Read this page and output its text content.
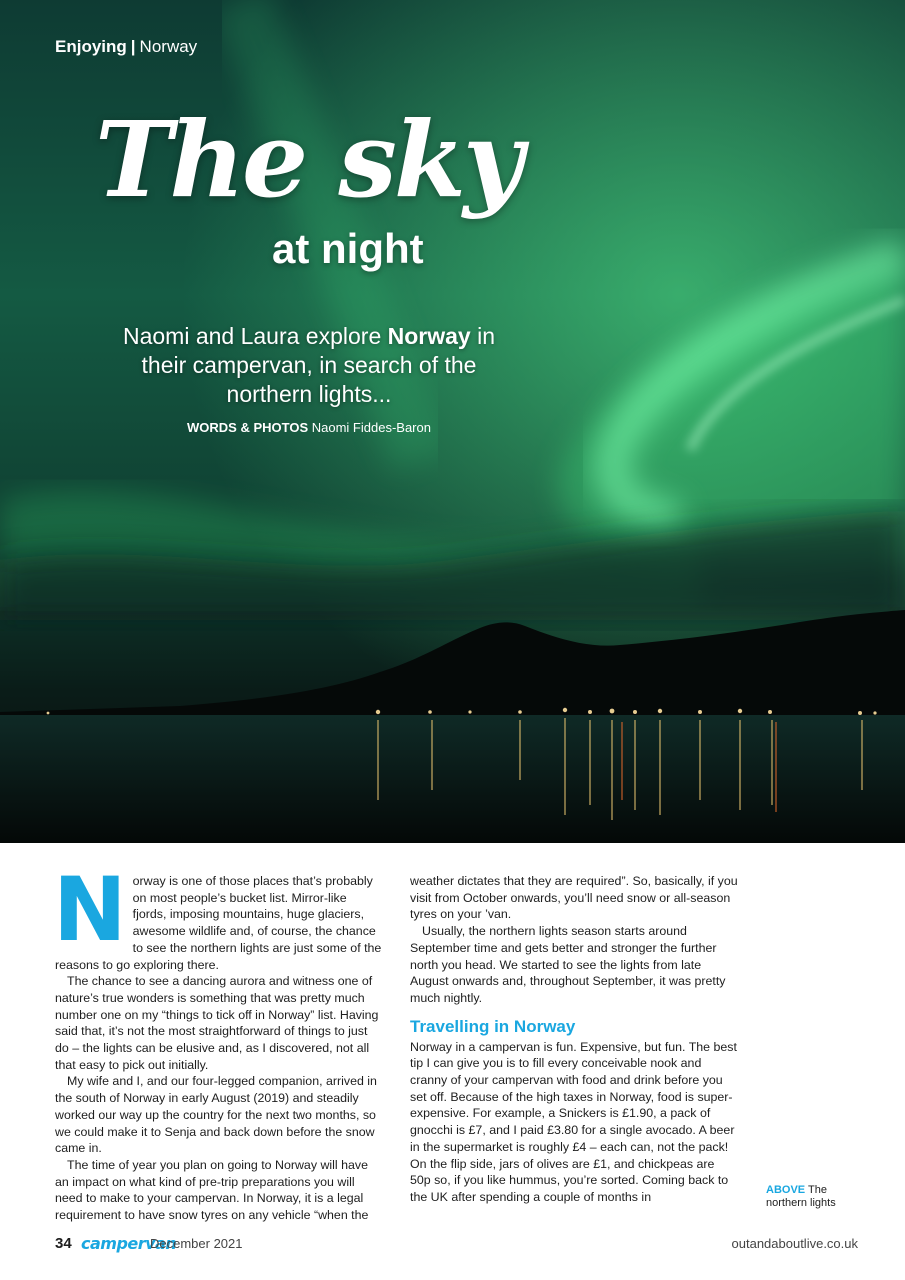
Enjoying | Norway
The sky
at night
Naomi and Laura explore Norway in their campervan, in search of the northern lights...
WORDS & PHOTOS Naomi Fiddes-Baron
N orway is one of those places that’s probably on most people’s bucket list. Mirror-like fjords, imposing mountains, huge glaciers, awesome wildlife and, of course, the chance to see the northern lights are just some of the reasons to go exploring there.

The chance to see a dancing aurora and witness one of nature’s true wonders is something that was pretty much number one on my “things to tick off in Norway” list. Having said that, it’s not the most straightforward of things to just do – the lights can be elusive and, as I discovered, not all that easy to pick out initially.

My wife and I, and our four-legged companion, arrived in the south of Norway in early August (2019) and steadily worked our way up the country for the next two months, so we could make it to Senja and back down before the snow came in.

The time of year you plan on going to Norway will have an impact on what kind of pre-trip preparations you will need to make to your campervan. In Norway, it is a legal requirement to have snow tyres on any vehicle “when the

weather dictates that they are required”. So, basically, if you visit from October onwards, you’ll need snow or all-season tyres on your ’van.

Usually, the northern lights season starts around September time and gets better and stronger the further north you head. We started to see the lights from late August onwards and, throughout September, it was pretty much nightly.

Travelling in Norway

Norway in a campervan is fun. Expensive, but fun. The best tip I can give you is to fill every conceivable nook and cranny of your campervan with food and drink before you set off. Because of the high taxes in Norway, food is super-expensive. For example, a Snickers is £1.90, a pack of gnocchi is £7, and I paid £3.80 for a single avocado. A beer in the supermarket is roughly £4 – each can, not the pack! On the flip side, jars of olives are £1, and chickpeas are 50p so, if you like hummus, you’re sorted. Coming back to the UK after spending a couple of months in	ABOVE The northern lights
34 campervan
December 2021	outandaboutlive.co.uk
